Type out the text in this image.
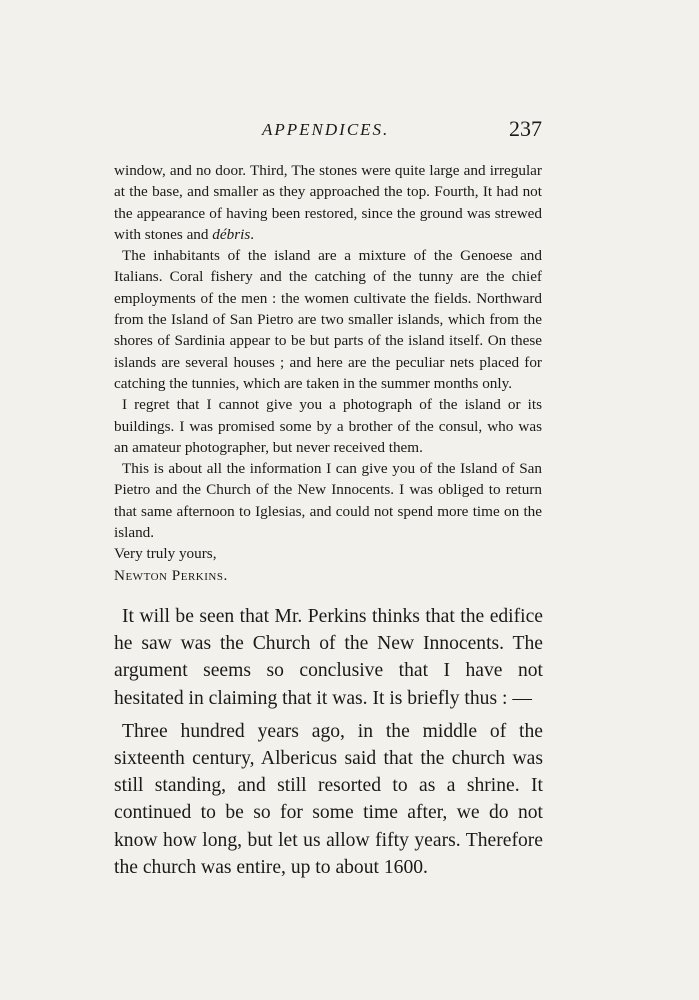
APPENDICES.	237

window, and no door. Third, The stones were quite large and irregular at the base, and smaller as they approached the top. Fourth, It had not the appearance of having been restored, since the ground was strewed with stones and débris.

The inhabitants of the island are a mixture of the Genoese and Italians. Coral fishery and the catching of the tunny are the chief employments of the men : the women cultivate the fields. Northward from the Island of San Pietro are two smaller islands, which from the shores of Sardinia appear to be but parts of the island itself. On these islands are several houses ; and here are the peculiar nets placed for catching the tunnies, which are taken in the summer months only.

I regret that I cannot give you a photograph of the island or its buildings. I was promised some by a brother of the consul, who was an amateur photographer, but never received them.

This is about all the information I can give you of the Island of San Pietro and the Church of the New Innocents. I was obliged to return that same afternoon to Iglesias, and could not spend more time on the island.

Very truly yours,

Newton Perkins.

It will be seen that Mr. Perkins thinks that the edifice he saw was the Church of the New Innocents. The argument seems so conclusive that I have not hesitated in claiming that it was. It is briefly thus : —

Three hundred years ago, in the middle of the sixteenth century, Albericus said that the church was still standing, and still resorted to as a shrine. It continued to be so for some time after, we do not know how long, but let us allow fifty years. Therefore the church was entire, up to about 1600.
